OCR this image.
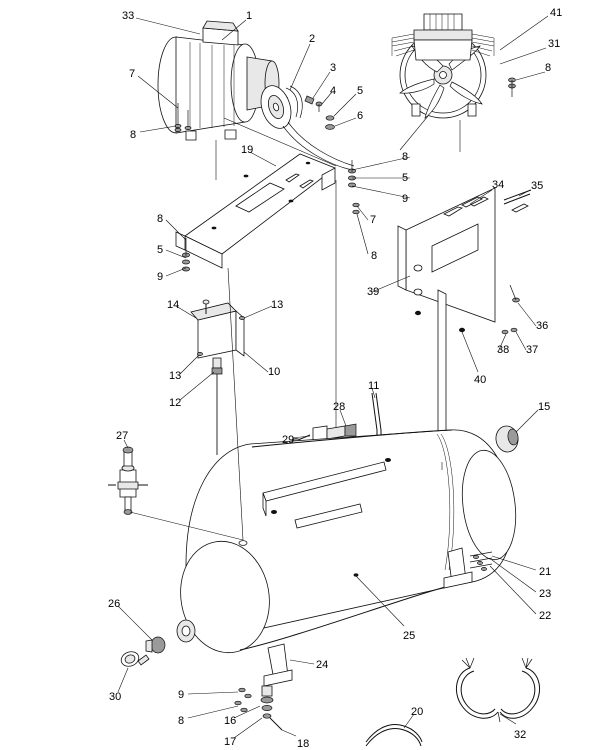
33	1	41
2	31
3	8
7
4 5
6
8
19
8
5
9
34 35
8	7
5	8
9
36
39
14	13
38 37
10
13	40
12
11
15
28
29
27
21
23
22
26
25
24
30	9
8	16
17	18
20
32
